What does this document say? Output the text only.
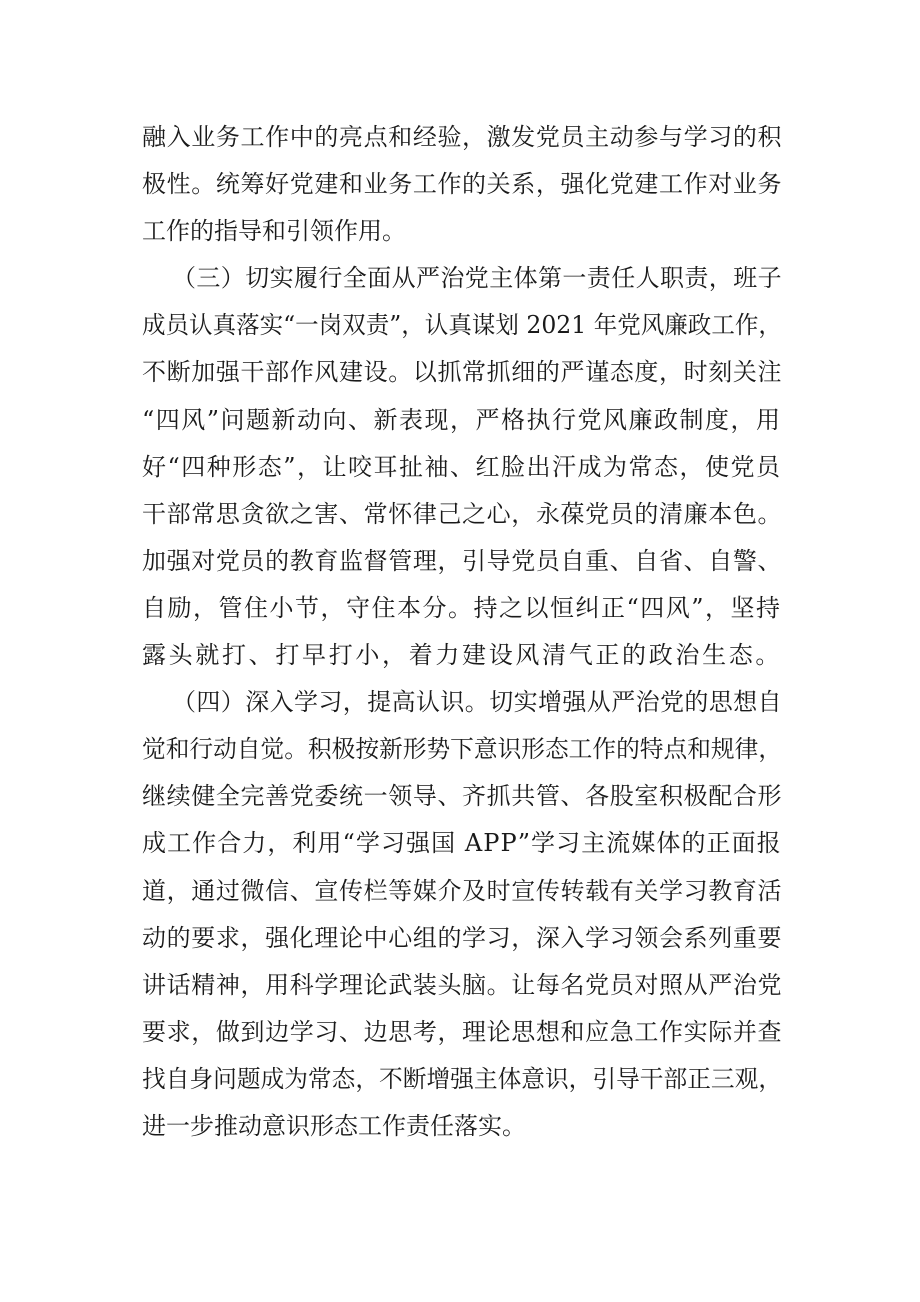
融入业务工作中的亮点和经验，激发党员主动参与学习的积
极性。统筹好党建和业务工作的关系，强化党建工作对业务
工作的指导和引领作用。
（三）切实履行全面从严治党主体第一责任人职责，班子
成员认真落实“一岗双责”，认真谋划 2021 年党风廉政工作，
不断加强干部作风建设。以抓常抓细的严谨态度，时刻关注
“四风”问题新动向、新表现，严格执行党风廉政制度，用
好“四种形态”，让咬耳扯袖、红脸出汗成为常态，使党员
干部常思贪欲之害、常怀律己之心，永葆党员的清廉本色。
加强对党员的教育监督管理，引导党员自重、自省、自警、
自励，管住小节，守住本分。持之以恒纠正“四风”，坚持
露头就打、打早打小，着力建设风清气正的政治生态。
（四）深入学习，提高认识。切实增强从严治党的思想自
觉和行动自觉。积极按新形势下意识形态工作的特点和规律，
继续健全完善党委统一领导、齐抓共管、各股室积极配合形
成工作合力，利用“学习强国 APP”学习主流媒体的正面报
道，通过微信、宣传栏等媒介及时宣传转载有关学习教育活
动的要求，强化理论中心组的学习，深入学习领会系列重要
讲话精神，用科学理论武装头脑。让每名党员对照从严治党
要求，做到边学习、边思考，理论思想和应急工作实际并查
找自身问题成为常态，不断增强主体意识，引导干部正三观，
进一步推动意识形态工作责任落实。
